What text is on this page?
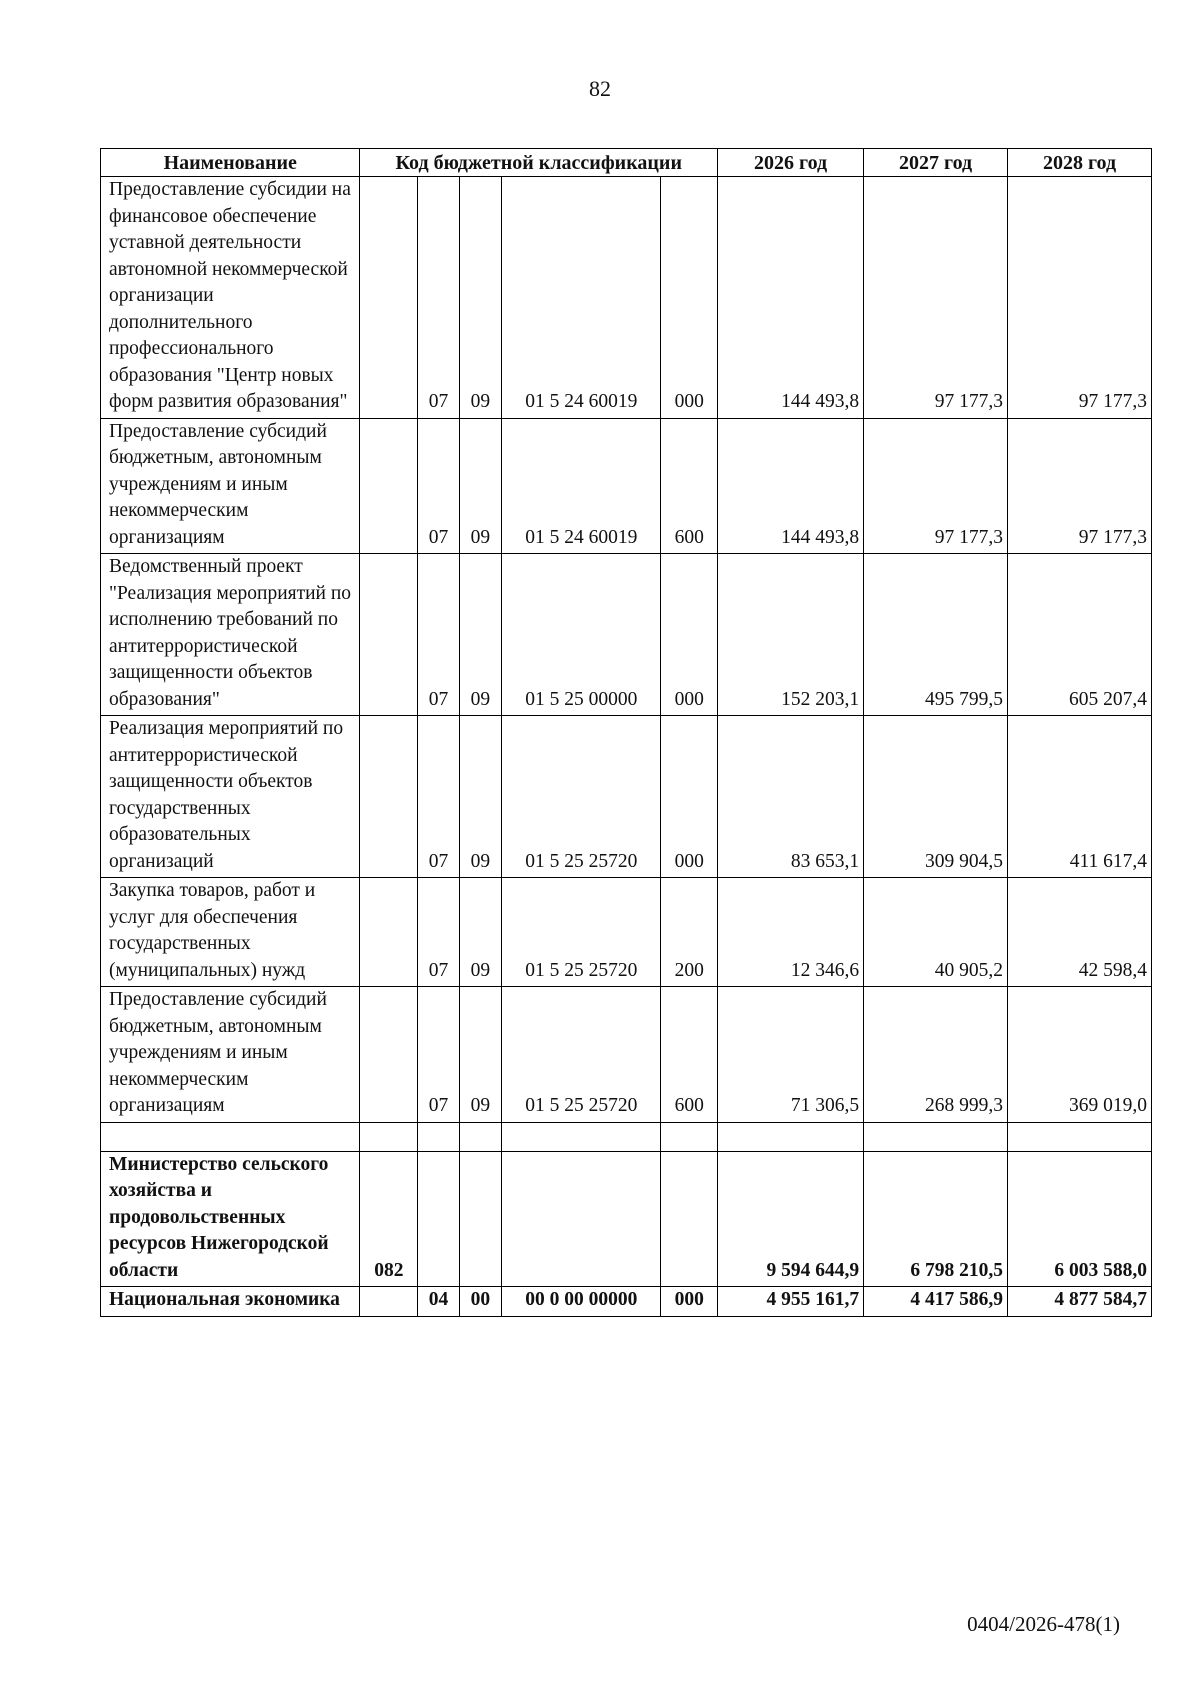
82
Наименование	Код бюджетной классификации					2026 год	2027 год	2028 год
Предоставление субсидии на финансовое обеспечение уставной деятельности автономной некоммерческой организации дополнительного профессионального образования "Центр новых форм развития образования"		07	09	01 5 24 60019	000	144 493,8	97 177,3	97 177,3
Предоставление субсидий бюджетным, автономным учреждениям и иным некоммерческим организациям		07	09	01 5 24 60019	600	144 493,8	97 177,3	97 177,3
Ведомственный проект "Реализация мероприятий по исполнению требований по антитеррористической защищенности объектов образования"		07	09	01 5 25 00000	000	152 203,1	495 799,5	605 207,4
Реализация мероприятий по антитеррористической защищенности объектов государственных образовательных организаций		07	09	01 5 25 25720	000	83 653,1	309 904,5	411 617,4
Закупка товаров, работ и услуг для обеспечения государственных (муниципальных) нужд		07	09	01 5 25 25720	200	12 346,6	40 905,2	42 598,4
Предоставление субсидий бюджетным, автономным учреждениям и иным некоммерческим организациям		07	09	01 5 25 25720	600	71 306,5	268 999,3	369 019,0

Министерство сельского хозяйства и продовольственных ресурсов Нижегородской области	082					9 594 644,9	6 798 210,5	6 003 588,0
Национальная экономика		04	00	00 0 00 00000	000	4 955 161,7	4 417 586,9	4 877 584,7
0404/2026-478(1)
